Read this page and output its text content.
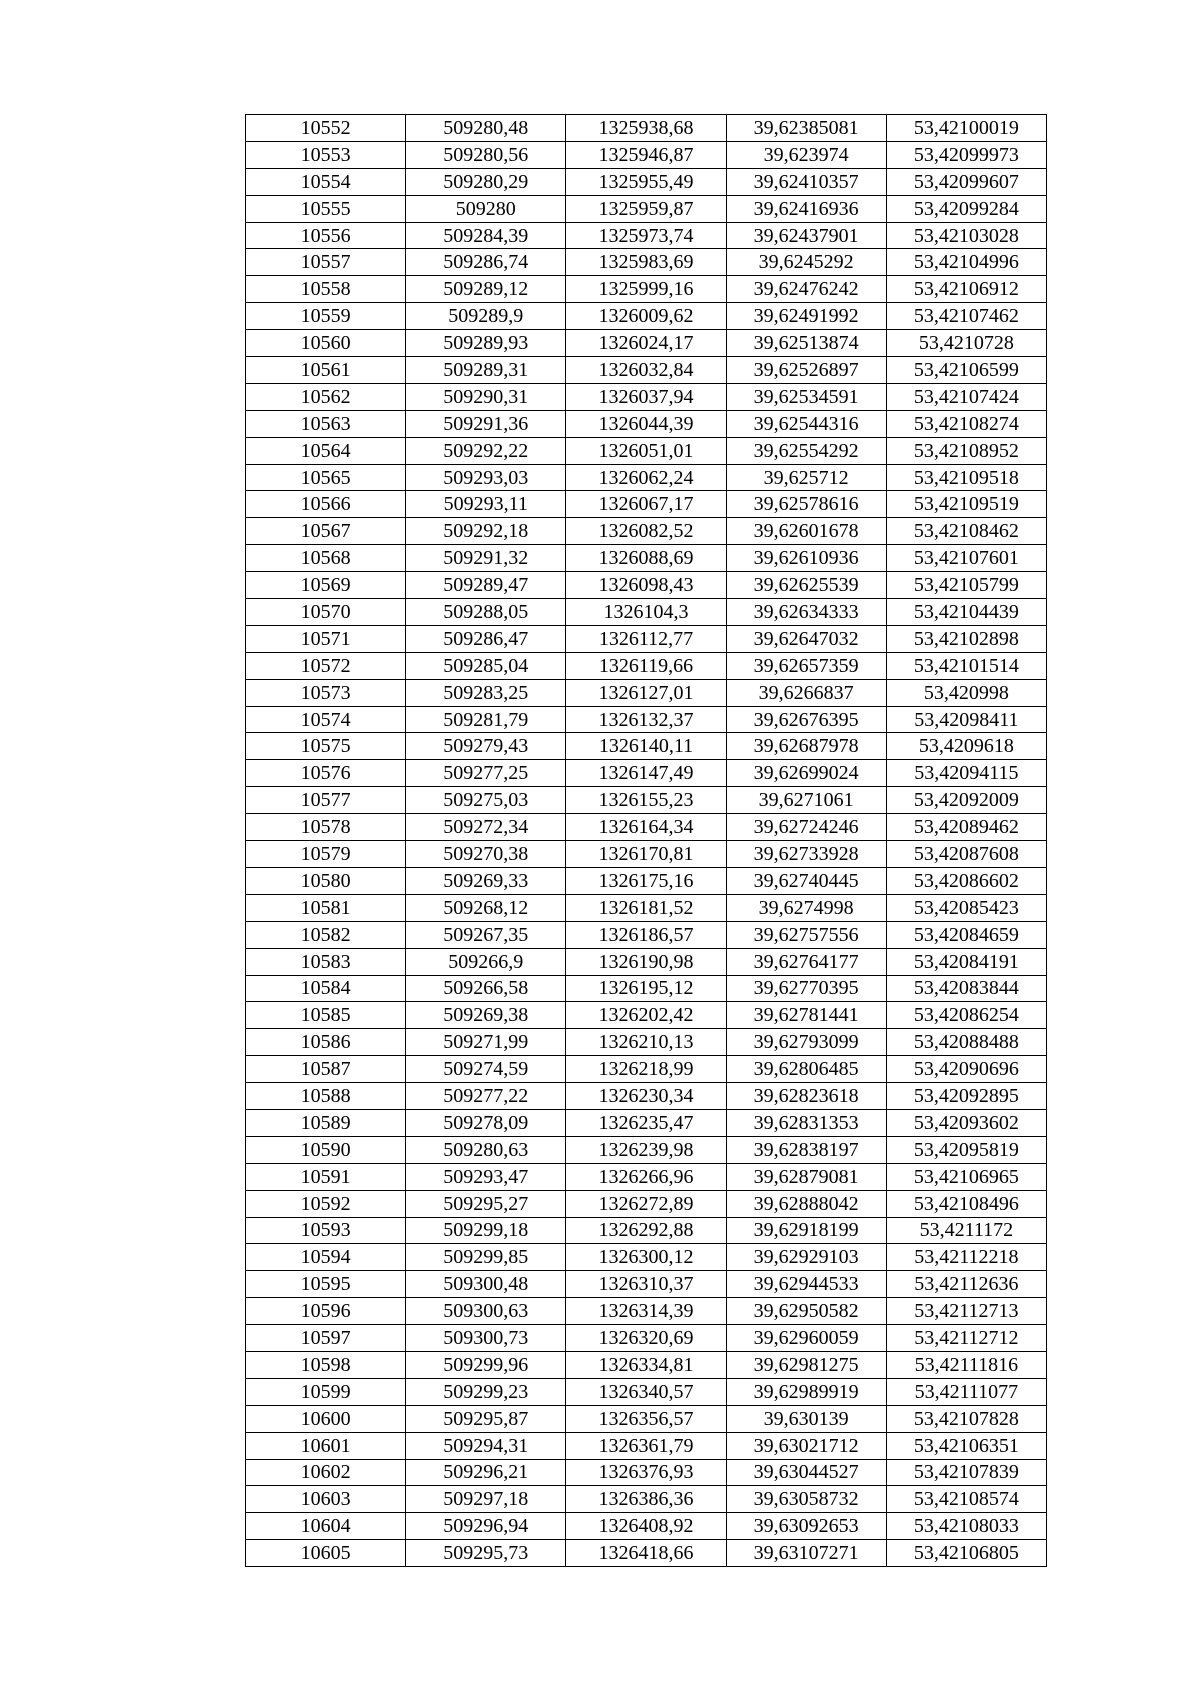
10552	509280,48	1325938,68	39,62385081	53,42100019
10553	509280,56	1325946,87	39,623974	53,42099973
10554	509280,29	1325955,49	39,62410357	53,42099607
10555	509280	1325959,87	39,62416936	53,42099284
10556	509284,39	1325973,74	39,62437901	53,42103028
10557	509286,74	1325983,69	39,6245292	53,42104996
10558	509289,12	1325999,16	39,62476242	53,42106912
10559	509289,9	1326009,62	39,62491992	53,42107462
10560	509289,93	1326024,17	39,62513874	53,4210728
10561	509289,31	1326032,84	39,62526897	53,42106599
10562	509290,31	1326037,94	39,62534591	53,42107424
10563	509291,36	1326044,39	39,62544316	53,42108274
10564	509292,22	1326051,01	39,62554292	53,42108952
10565	509293,03	1326062,24	39,625712	53,42109518
10566	509293,11	1326067,17	39,62578616	53,42109519
10567	509292,18	1326082,52	39,62601678	53,42108462
10568	509291,32	1326088,69	39,62610936	53,42107601
10569	509289,47	1326098,43	39,62625539	53,42105799
10570	509288,05	1326104,3	39,62634333	53,42104439
10571	509286,47	1326112,77	39,62647032	53,42102898
10572	509285,04	1326119,66	39,62657359	53,42101514
10573	509283,25	1326127,01	39,6266837	53,420998
10574	509281,79	1326132,37	39,62676395	53,42098411
10575	509279,43	1326140,11	39,62687978	53,4209618
10576	509277,25	1326147,49	39,62699024	53,42094115
10577	509275,03	1326155,23	39,6271061	53,42092009
10578	509272,34	1326164,34	39,62724246	53,42089462
10579	509270,38	1326170,81	39,62733928	53,42087608
10580	509269,33	1326175,16	39,62740445	53,42086602
10581	509268,12	1326181,52	39,6274998	53,42085423
10582	509267,35	1326186,57	39,62757556	53,42084659
10583	509266,9	1326190,98	39,62764177	53,42084191
10584	509266,58	1326195,12	39,62770395	53,42083844
10585	509269,38	1326202,42	39,62781441	53,42086254
10586	509271,99	1326210,13	39,62793099	53,42088488
10587	509274,59	1326218,99	39,62806485	53,42090696
10588	509277,22	1326230,34	39,62823618	53,42092895
10589	509278,09	1326235,47	39,62831353	53,42093602
10590	509280,63	1326239,98	39,62838197	53,42095819
10591	509293,47	1326266,96	39,62879081	53,42106965
10592	509295,27	1326272,89	39,62888042	53,42108496
10593	509299,18	1326292,88	39,62918199	53,4211172
10594	509299,85	1326300,12	39,62929103	53,42112218
10595	509300,48	1326310,37	39,62944533	53,42112636
10596	509300,63	1326314,39	39,62950582	53,42112713
10597	509300,73	1326320,69	39,62960059	53,42112712
10598	509299,96	1326334,81	39,62981275	53,42111816
10599	509299,23	1326340,57	39,62989919	53,42111077
10600	509295,87	1326356,57	39,630139	53,42107828
10601	509294,31	1326361,79	39,63021712	53,42106351
10602	509296,21	1326376,93	39,63044527	53,42107839
10603	509297,18	1326386,36	39,63058732	53,42108574
10604	509296,94	1326408,92	39,63092653	53,42108033
10605	509295,73	1326418,66	39,63107271	53,42106805
